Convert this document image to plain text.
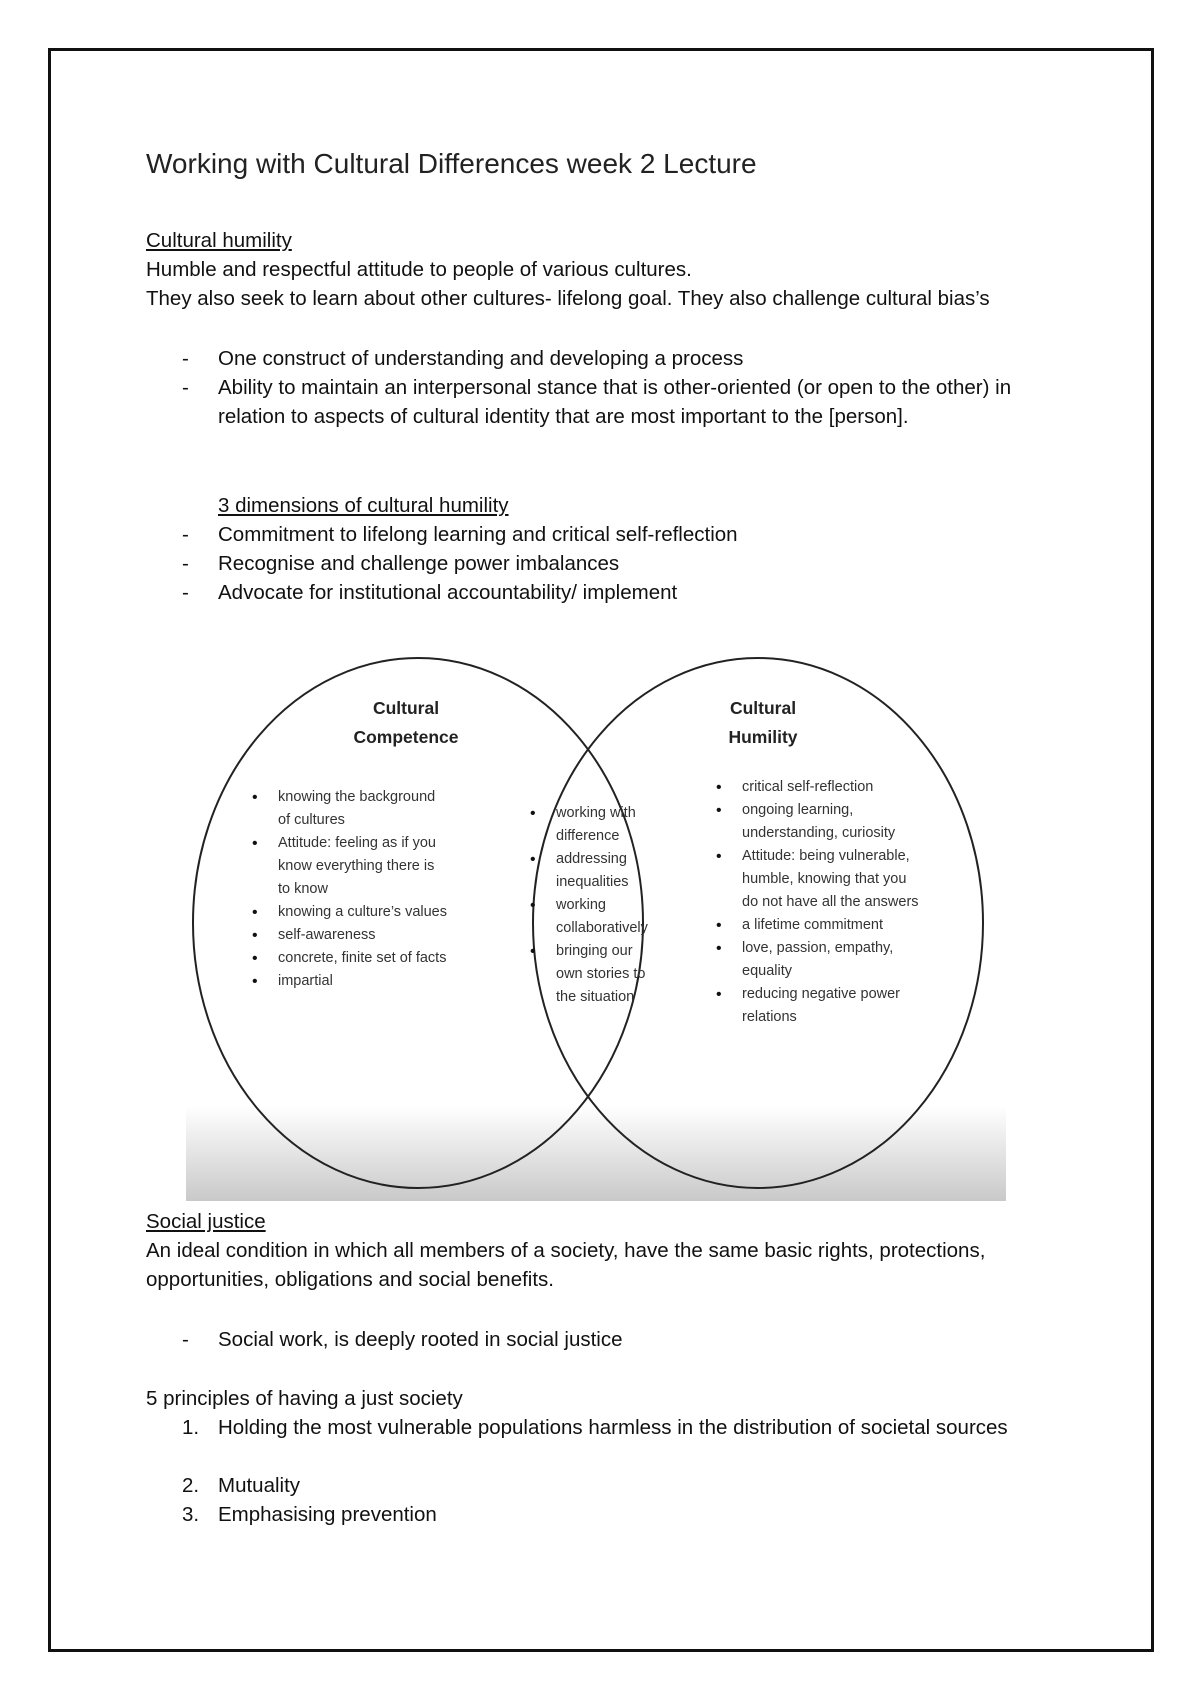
Working with Cultural Differences week 2 Lecture
Cultural humility
Humble and respectful attitude to people of various cultures.
They also seek to learn about other cultures- lifelong goal. They also challenge cultural bias’s
- One construct of understanding and developing a process
- Ability to maintain an interpersonal stance that is other-oriented (or open to the other) in relation to aspects of cultural identity that are most important to the [person].
3 dimensions of cultural humility
- Commitment to lifelong learning and critical self-reflection
- Recognise and challenge power imbalances
- Advocate for institutional accountability/ implement
Cultural
Competence
Cultural
Humility
• knowing the background of cultures
• Attitude: feeling as if you know everything there is to know
• knowing a culture’s values
• self-awareness
• concrete, finite set of facts
• impartial
• working with difference
• addressing inequalities
• working collaboratively
• bringing our own stories to the situation
• critical self-reflection
• ongoing learning, understanding, curiosity
• Attitude: being vulnerable, humble, knowing that you do not have all the answers
• a lifetime commitment
• love, passion, empathy, equality
• reducing negative power relations
Social justice
An ideal condition in which all members of a society, have the same basic rights, protections,
opportunities, obligations and social benefits.
- Social work, is deeply rooted in social justice
5 principles of having a just society
1. Holding the most vulnerable populations harmless in the distribution of societal sources
2. Mutuality
3. Emphasising prevention
